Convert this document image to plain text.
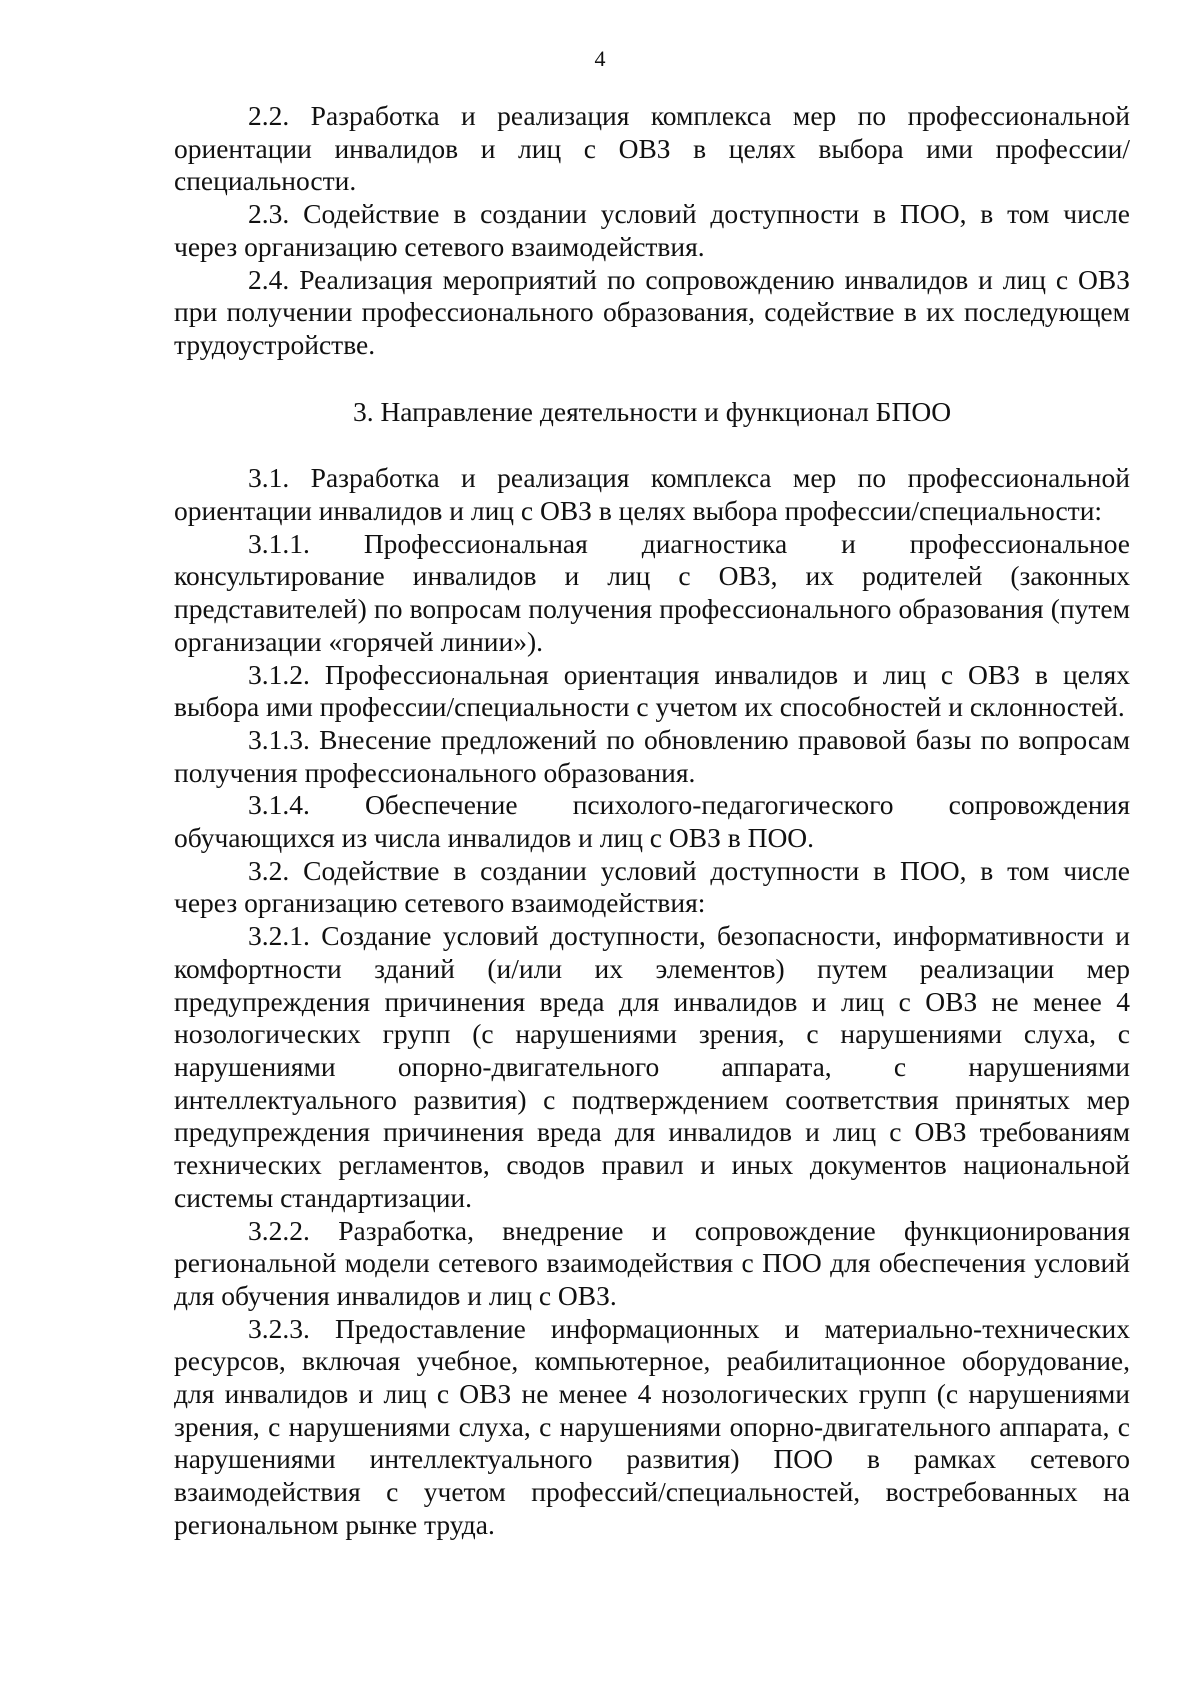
4

2.2. Разработка и реализация комплекса мер по профессиональной ориентации инвалидов и лиц с ОВЗ в целях выбора ими профессии/специальности.

2.3. Содействие в создании условий доступности в ПОО, в том числе через организацию сетевого взаимодействия.

2.4. Реализация мероприятий по сопровождению инвалидов и лиц с ОВЗ при получении профессионального образования, содействие в их последующем трудоустройстве.

3. Направление деятельности и функционал БПОО

3.1. Разработка и реализация комплекса мер по профессиональной ориентации инвалидов и лиц с ОВЗ в целях выбора профессии/специальности:

3.1.1. Профессиональная диагностика и профессиональное консультирование инвалидов и лиц с ОВЗ, их родителей (законных представителей) по вопросам получения профессионального образования (путем организации «горячей линии»).

3.1.2. Профессиональная ориентация инвалидов и лиц с ОВЗ в целях выбора ими профессии/специальности с учетом их способностей и склонностей.

3.1.3. Внесение предложений по обновлению правовой базы по вопросам получения профессионального образования.

3.1.4. Обеспечение психолого-педагогического сопровождения обучающихся из числа инвалидов и лиц с ОВЗ в ПОО.

3.2. Содействие в создании условий доступности в ПОО, в том числе через организацию сетевого взаимодействия:

3.2.1. Создание условий доступности, безопасности, информативности и комфортности зданий (и/или их элементов) путем реализации мер предупреждения причинения вреда для инвалидов и лиц с ОВЗ не менее 4 нозологических групп (с нарушениями зрения, с нарушениями слуха, с нарушениями опорно-двигательного аппарата, с нарушениями интеллектуального развития) с подтверждением соответствия принятых мер предупреждения причинения вреда для инвалидов и лиц с ОВЗ требованиям технических регламентов, сводов правил и иных документов национальной системы стандартизации.

3.2.2. Разработка, внедрение и сопровождение функционирования региональной модели сетевого взаимодействия с ПОО для обеспечения условий для обучения инвалидов и лиц с ОВЗ.

3.2.3. Предоставление информационных и материально-технических ресурсов, включая учебное, компьютерное, реабилитационное оборудование, для инвалидов и лиц с ОВЗ не менее 4 нозологических групп (с нарушениями зрения, с нарушениями слуха, с нарушениями опорно-двигательного аппарата, с нарушениями интеллектуального развития) ПОО в рамках сетевого взаимодействия с учетом профессий/специальностей, востребованных на региональном рынке труда.
